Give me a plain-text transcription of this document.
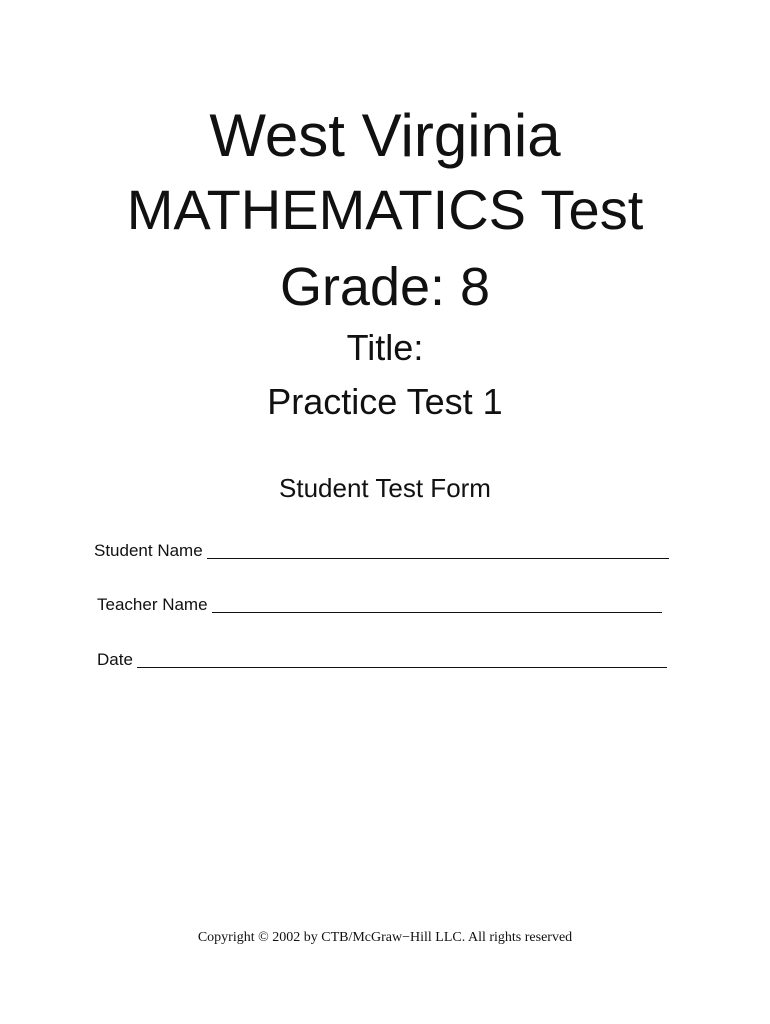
West Virginia
MATHEMATICS Test
Grade: 8
Title:
Practice Test 1
Student Test Form
Student Name
Teacher Name
Date
Copyright © 2002 by CTB/McGraw−Hill LLC. All rights reserved
